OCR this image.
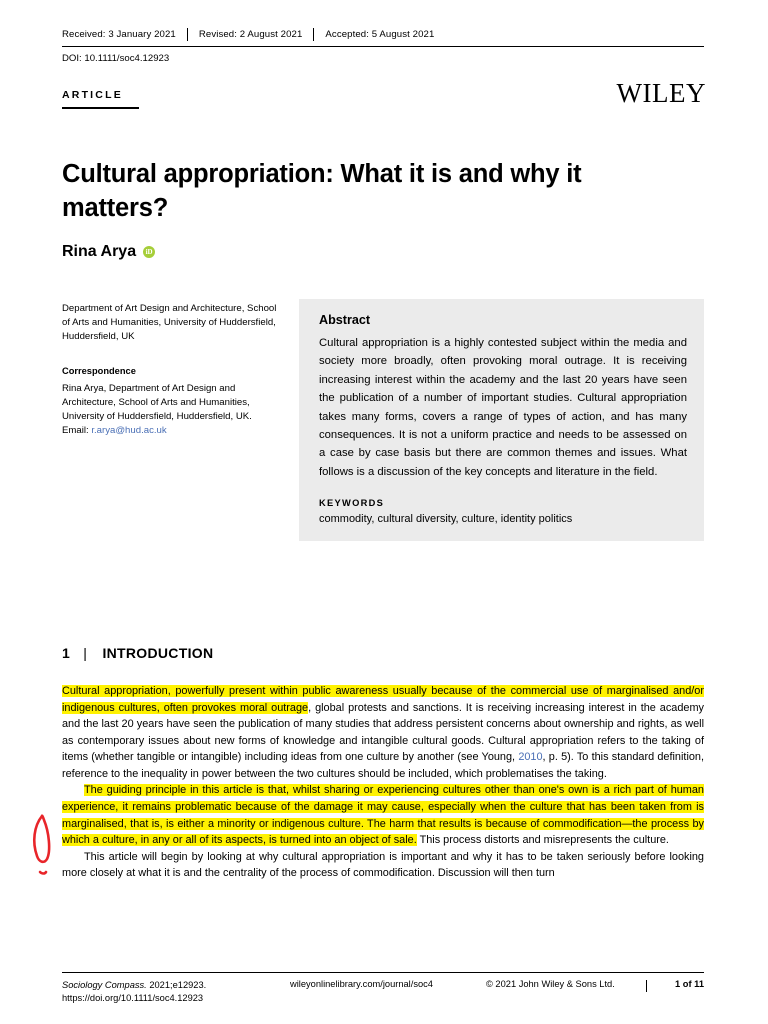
Received: 3 January 2021	Revised: 2 August 2021	Accepted: 5 August 2021
DOI: 10.1111/soc4.12923
ARTICLE	WILEY
Cultural appropriation: What it is and why it matters?
Rina Arya
iD
Department of Art Design and Architecture, School of Arts and Humanities, University of Huddersfield, Huddersfield, UK
Correspondence
Rina Arya, Department of Art Design and Architecture, School of Arts and Humanities, University of Huddersfield, Huddersfield, UK.
Email: r.arya@hud.ac.uk
Abstract
Cultural appropriation is a highly contested subject within the media and society more broadly, often provoking moral outrage. It is receiving increasing interest within the academy and the last 20 years have seen the publication of a number of important studies. Cultural appropriation takes many forms, covers a range of types of action, and has many consequences. It is not a uniform practice and needs to be assessed on a case by case basis but there are common themes and issues. What follows is a discussion of the key concepts and literature in the field.
KEYWORDS
commodity, cultural diversity, culture, identity politics
1 | INTRODUCTION

Cultural appropriation, powerfully present within public awareness usually because of the commercial use of marginalised and/or indigenous cultures, often provokes moral outrage, global protests and sanctions. It is receiving increasing interest in the academy and the last 20 years have seen the publication of many studies that address persistent concerns about ownership and rights, as well as contemporary issues about new forms of knowledge and intangible cultural goods. Cultural appropriation refers to the taking of items (whether tangible or intangible) including ideas from one culture by another (see Young, 2010, p. 5). To this standard definition, reference to the inequality in power between the two cultures should be included, which problematises the taking.

The guiding principle in this article is that, whilst sharing or experiencing cultures other than one's own is a rich part of human experience, it remains problematic because of the damage it may cause, especially when the culture that has been taken from is marginalised, that is, is either a minority or indigenous culture. The harm that results is because of commodification—the process by which a culture, in any or all of its aspects, is turned into an object of sale. This process distorts and misrepresents the culture.

This article will begin by looking at why cultural appropriation is important and why it has to be taken seriously before looking more closely at what it is and the centrality of the process of commodification. Discussion will then turn

Sociology Compass. 2021;e12923.
https://doi.org/10.1111/soc4.12923
wileyonlinelibrary.com/journal/soc4	© 2021 John Wiley & Sons Ltd.	1 of 11
